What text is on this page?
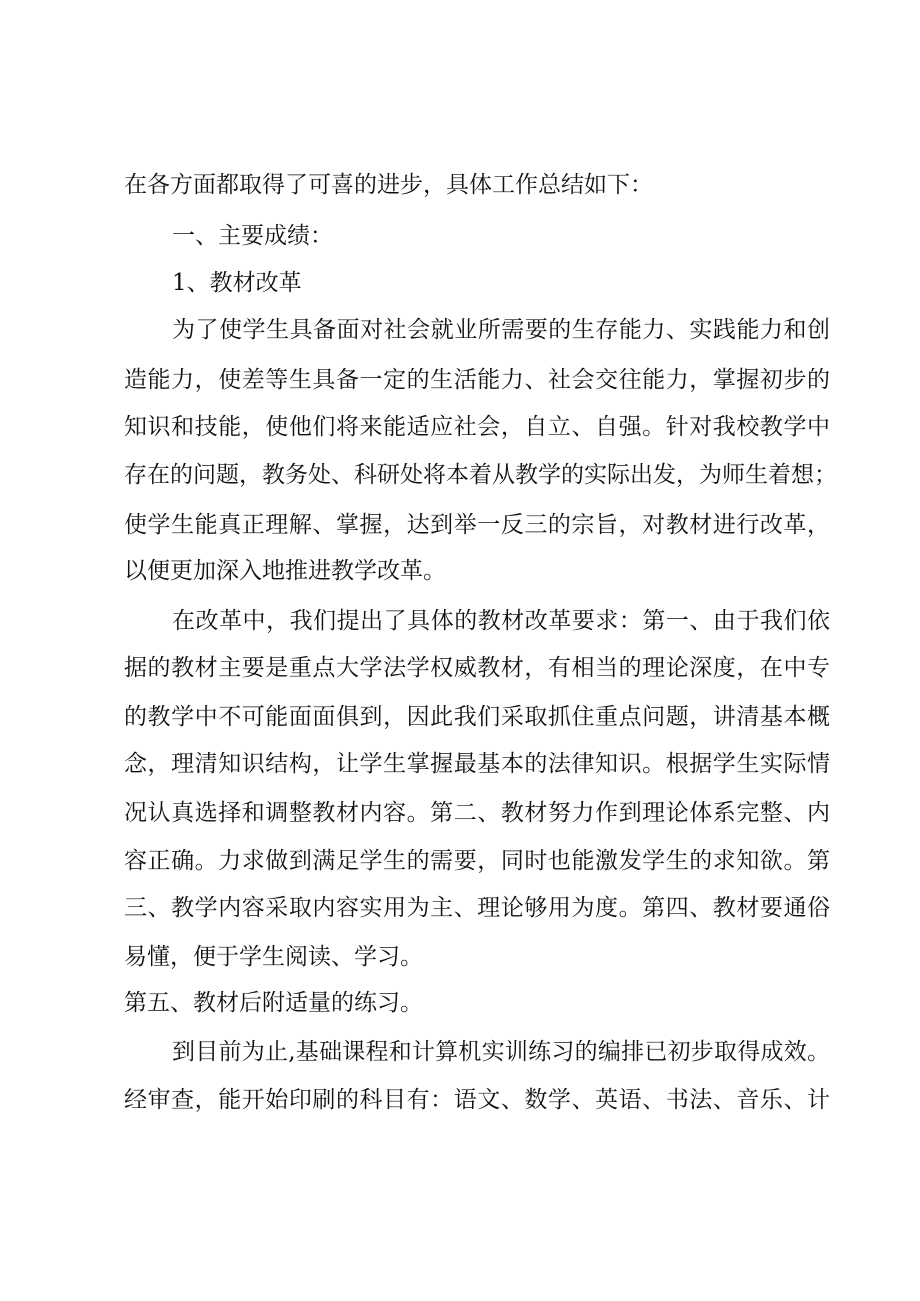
在各方面都取得了可喜的进步，具体工作总结如下：

一、主要成绩：

1、教材改革

为了使学生具备面对社会就业所需要的生存能力、实践能力和创

造能力，使差等生具备一定的生活能力、社会交往能力，掌握初步的

知识和技能，使他们将来能适应社会，自立、自强。针对我校教学中

存在的问题，教务处、科研处将本着从教学的实际出发，为师生着想；

使学生能真正理解、掌握，达到举一反三的宗旨，对教材进行改革，

以便更加深入地推进教学改革。

在改革中，我们提出了具体的教材改革要求：第一、由于我们依

据的教材主要是重点大学法学权威教材，有相当的理论深度，在中专

的教学中不可能面面俱到，因此我们采取抓住重点问题，讲清基本概

念，理清知识结构，让学生掌握最基本的法律知识。根据学生实际情

况认真选择和调整教材内容。第二、教材努力作到理论体系完整、内

容正确。力求做到满足学生的需要，同时也能激发学生的求知欲。第

三、教学内容采取内容实用为主、理论够用为度。第四、教材要通俗

易懂，便于学生阅读、学习。

第五、教材后附适量的练习。

到目前为止,基础课程和计算机实训练习的编排已初步取得成效。

经审查，能开始印刷的科目有：语文、数学、英语、书法、音乐、计
